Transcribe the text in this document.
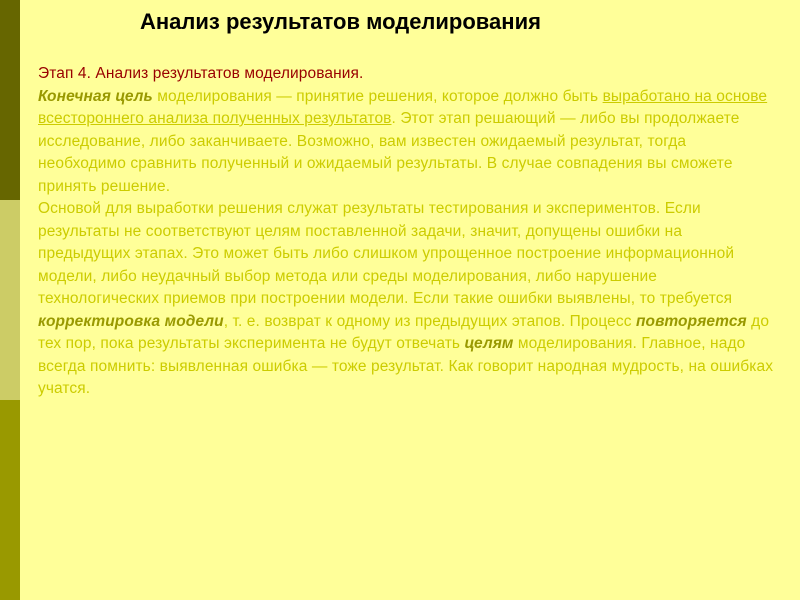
Анализ результатов моделирования

Этап 4. Анализ результатов моделирования.

Конечная цель моделирования — принятие решения, которое должно быть выработано на основе всестороннего анализа полученных результатов. Этот этап решающий — либо вы продолжаете исследование, либо заканчиваете. Возможно, вам известен ожидаемый результат, тогда необходимо сравнить полученный и ожидаемый результаты. В случае совпадения вы сможете принять решение.

Основой для выработки решения служат результаты тестирования и экспериментов. Если результаты не соответствуют целям поставленной задачи, значит, допущены ошибки на предыдущих этапах. Это может быть либо слишком упрощенное построение информационной модели, либо неудачный выбор метода или среды моделирования, либо нарушение технологических приемов при построении модели. Если такие ошибки выявлены, то требуется корректировка модели, т. е. возврат к одному из предыдущих этапов. Процесс повторяется до тех пор, пока результаты эксперимента не будут отвечать целям моделирования. Главное, надо всегда помнить: выявленная ошибка — тоже результат. Как говорит народная мудрость, на ошибках учатся.
